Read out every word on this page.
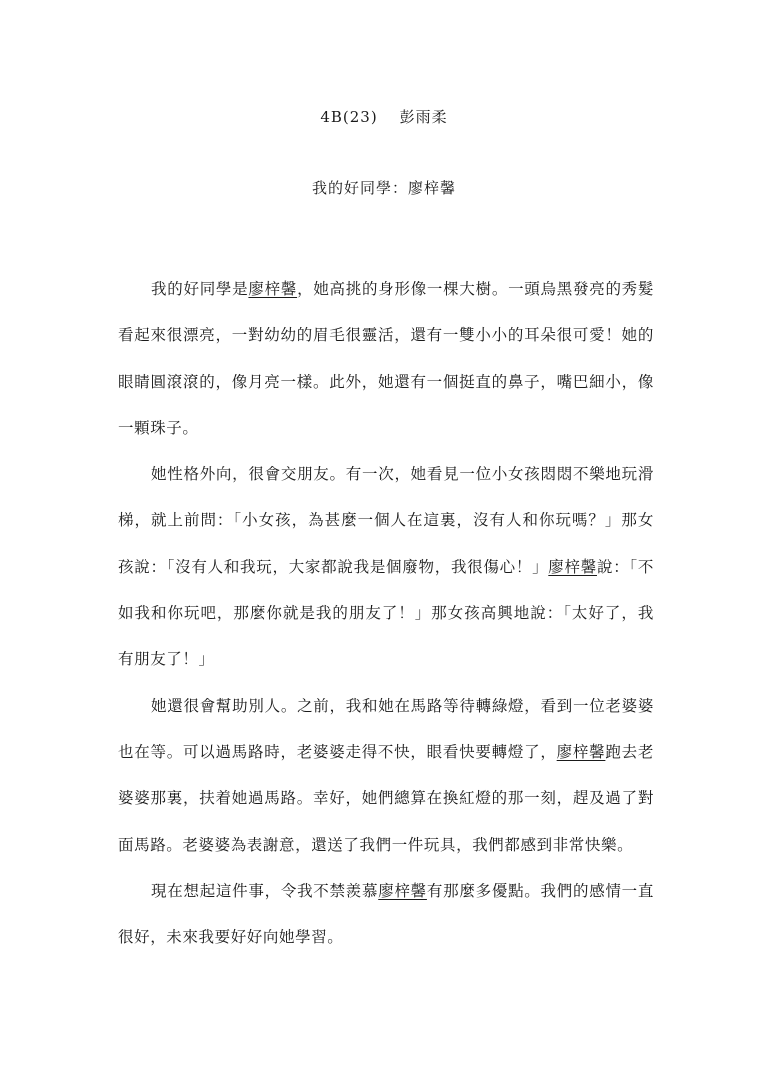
4B(23) 彭雨柔
我的好同學：廖梓馨

我的好同學是廖梓馨，她高挑的身形像一棵大樹。一頭烏黑發亮的秀髮看起來很漂亮，一對幼幼的眉毛很靈活，還有一雙小小的耳朵很可愛！她的眼睛圓滾滾的，像月亮一樣。此外，她還有一個挺直的鼻子，嘴巴細小，像一顆珠子。

她性格外向，很會交朋友。有一次，她看見一位小女孩悶悶不樂地玩滑梯，就上前問：「小女孩，為甚麼一個人在這裏，沒有人和你玩嗎？」那女孩說：「沒有人和我玩，大家都說我是個廢物，我很傷心！」廖梓馨說：「不如我和你玩吧，那麼你就是我的朋友了！」那女孩高興地說：「太好了，我有朋友了！」

她還很會幫助別人。之前，我和她在馬路等待轉綠燈，看到一位老婆婆也在等。可以過馬路時，老婆婆走得不快，眼看快要轉燈了，廖梓馨跑去老婆婆那裏，扶着她過馬路。幸好，她們總算在換紅燈的那一刻，趕及過了對面馬路。老婆婆為表謝意，還送了我們一件玩具，我們都感到非常快樂。

現在想起這件事，令我不禁羨慕廖梓馨有那麼多優點。我們的感情一直很好，未來我要好好向她學習。
